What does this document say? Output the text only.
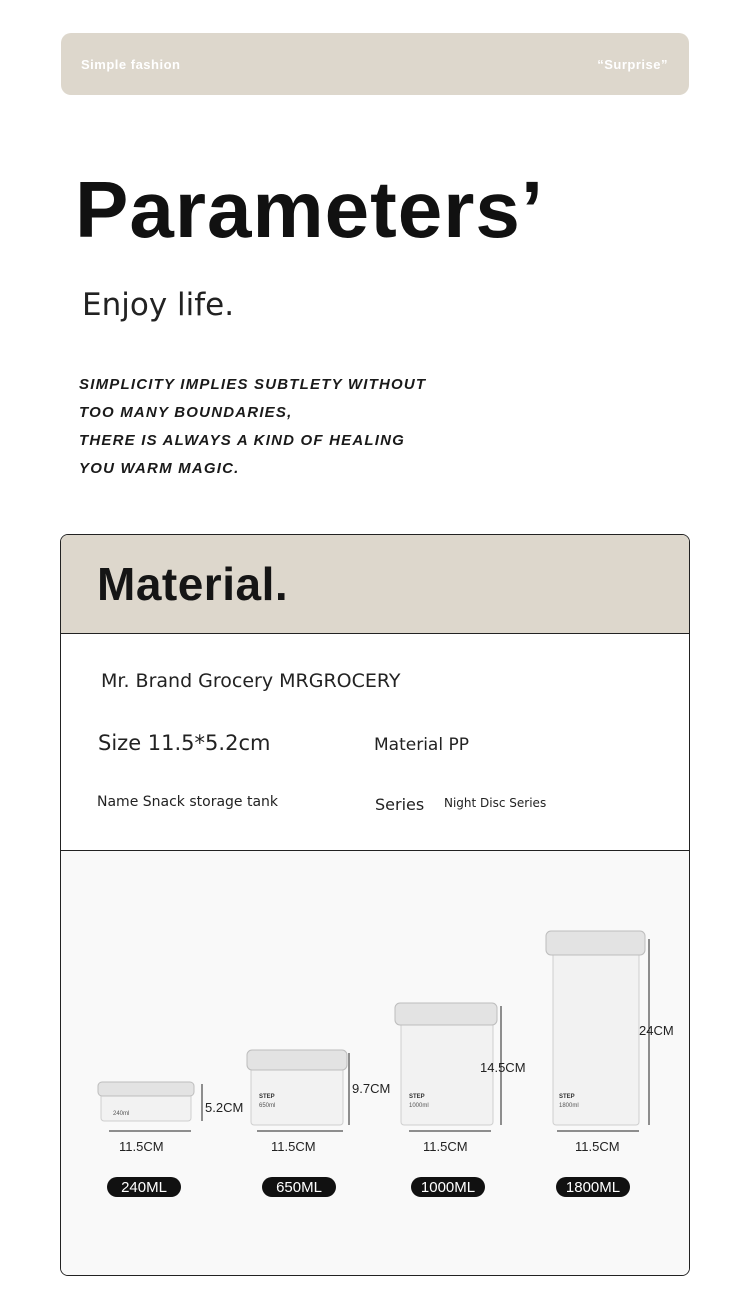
Simple fashion	“Surprise”
Parameters’
Enjoy life.
SIMPLICITY IMPLIES SUBTLETY WITHOUT
TOO MANY BOUNDARIES,
THERE IS ALWAYS A KIND OF HEALING
YOU WARM MAGIC.
Material.
Mr. Brand Grocery MRGROCERY
Size 11.5*5.2cm	Material PP
Name Snack storage tank	Series Night Disc Series
240ml	5.2CM
11.5CM
240ML
STEP
650ml
9.7CM
11.5CM
650ML
STEP
1000ml
14.5CM
11.5CM
1000ML
STEP
1800ml
24CM
11.5CM
1800ML
